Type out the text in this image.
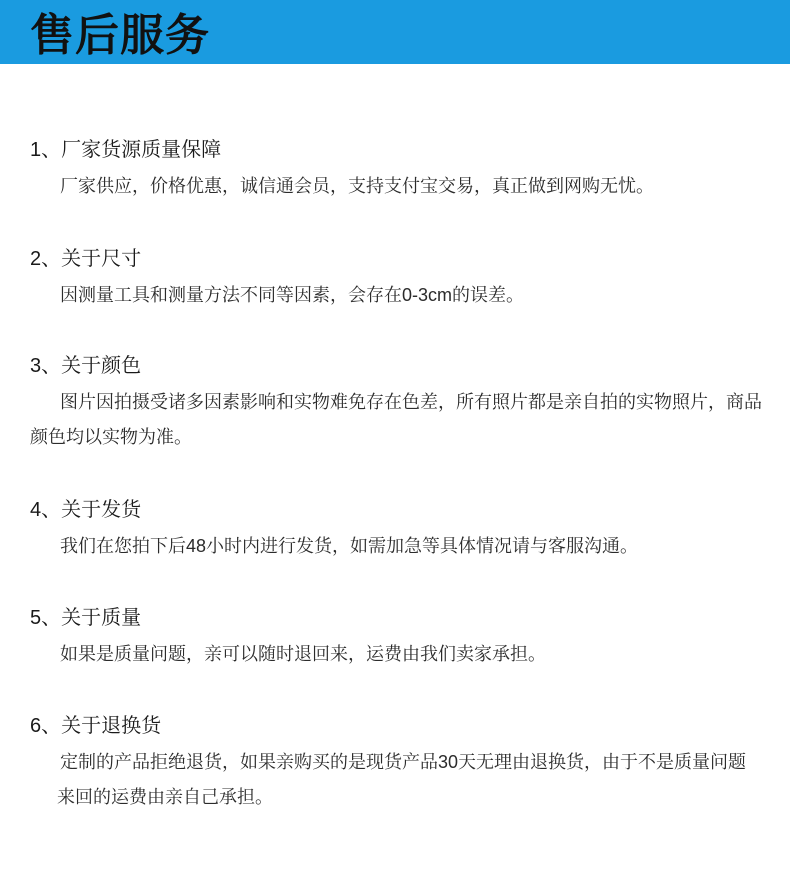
售后服务
1、厂家货源质量保障
厂家供应，价格优惠，诚信通会员，支持支付宝交易，真正做到网购无忧。
2、关于尺寸
因测量工具和测量方法不同等因素，会存在0-3cm的误差。
3、关于颜色
图片因拍摄受诸多因素影响和实物难免存在色差，所有照片都是亲自拍的实物照片，商品
颜色均以实物为准。
4、关于发货
我们在您拍下后48小时内进行发货，如需加急等具体情况请与客服沟通。
5、关于质量
如果是质量问题，亲可以随时退回来，运费由我们卖家承担。
6、关于退换货
定制的产品拒绝退货，如果亲购买的是现货产品30天无理由退换货，由于不是质量问题
来回的运费由亲自己承担。
